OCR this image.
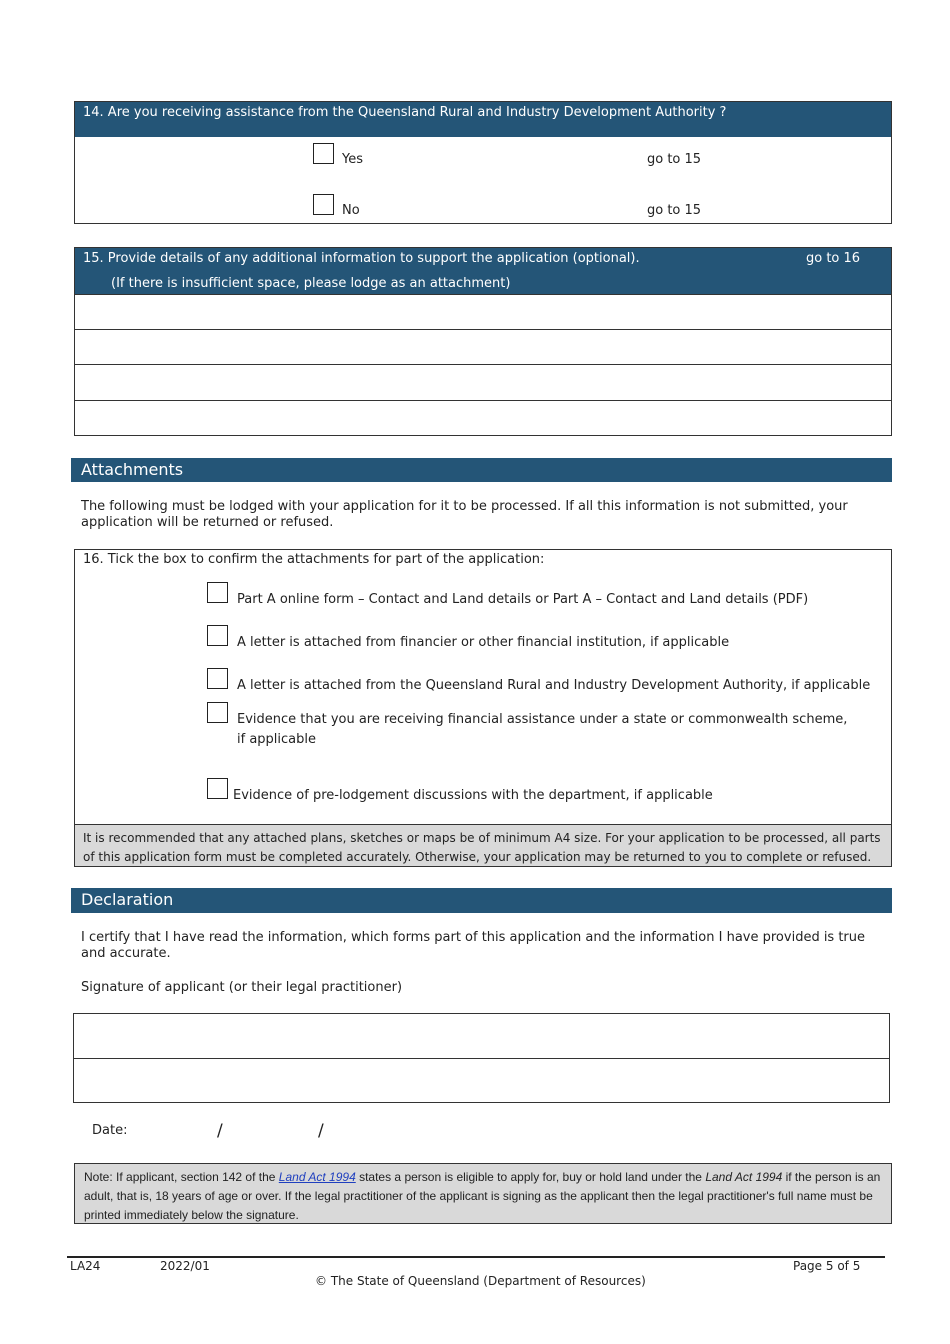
14. Are you receiving assistance from the Queensland Rural and Industry Development Authority ?
Yes	go to 15
No	go to 15
15. Provide details of any additional information to support the application (optional).	go to 16
(If there is insufficient space, please lodge as an attachment)
Attachments
The following must be lodged with your application for it to be processed. If all this information is not submitted, your application will be returned or refused.
16. Tick the box to confirm the attachments for part of the application:
Part A online form – Contact and Land details or Part A – Contact and Land details (PDF)
A letter is attached from financier or other financial institution, if applicable
A letter is attached from the Queensland Rural and Industry Development Authority, if applicable
Evidence that you are receiving financial assistance under a state or commonwealth scheme,
if applicable
Evidence of pre-lodgement discussions with the department, if applicable
It is recommended that any attached plans, sketches or maps be of minimum A4 size. For your application to be processed, all parts of this application form must be completed accurately. Otherwise, your application may be returned to you to complete or refused.
Declaration
I certify that I have read the information, which forms part of this application and the information I have provided is true and accurate.
Signature of applicant (or their legal practitioner)
Date:	/	/
Note: If applicant, section 142 of the Land Act 1994 states a person is eligible to apply for, buy or hold land under the Land Act 1994 if the person is an adult, that is, 18 years of age or over. If the legal practitioner of the applicant is signing as the applicant then the legal practitioner's full name must be printed immediately below the signature.
LA24	2022/01	Page 5 of 5
© The State of Queensland (Department of Resources)
